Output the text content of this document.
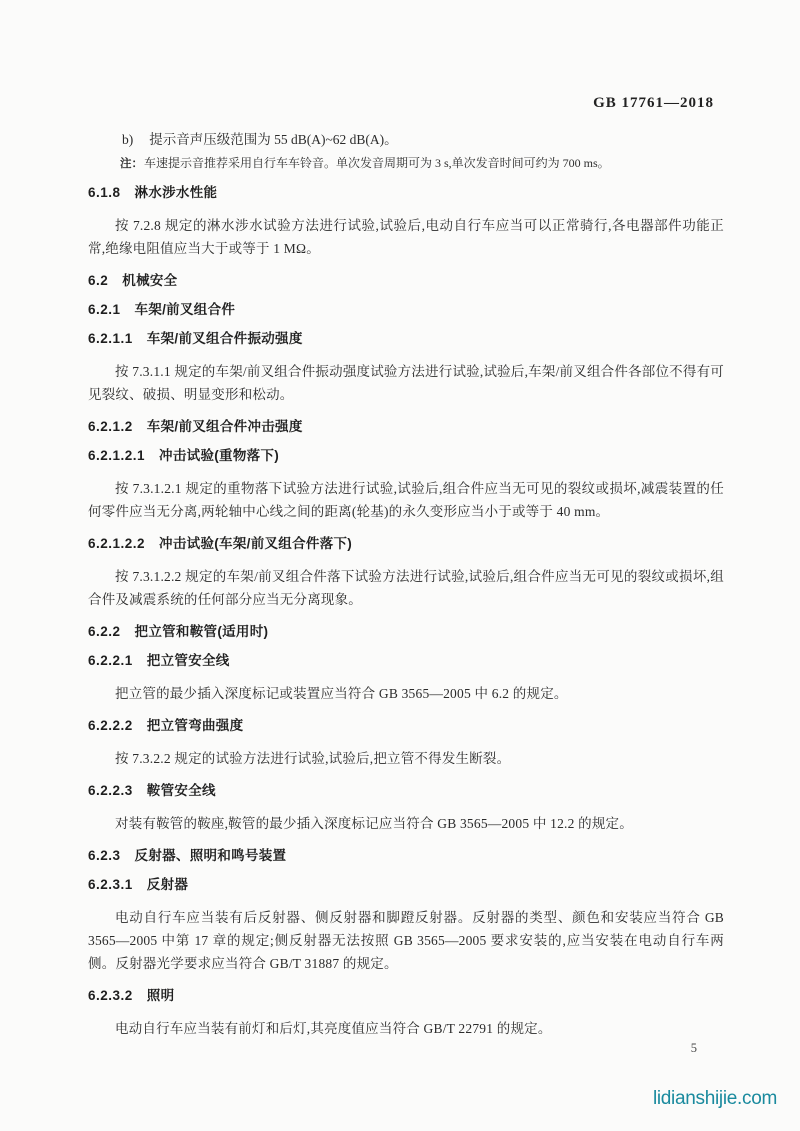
GB 17761—2018
b) 提示音声压级范围为 55 dB(A)~62 dB(A)。
注：车速提示音推荐采用自行车车铃音。单次发音周期可为 3 s,单次发音时间可约为 700 ms。
6.1.8 淋水涉水性能

按 7.2.8 规定的淋水涉水试验方法进行试验,试验后,电动自行车应当可以正常骑行,各电器部件功能正常,绝缘电阻值应当大于或等于 1 MΩ。

6.2 机械安全
6.2.1 车架/前叉组合件
6.2.1.1 车架/前叉组合件振动强度

按 7.3.1.1 规定的车架/前叉组合件振动强度试验方法进行试验,试验后,车架/前叉组合件各部位不得有可见裂纹、破损、明显变形和松动。

6.2.1.2 车架/前叉组合件冲击强度
6.2.1.2.1 冲击试验(重物落下)

按 7.3.1.2.1 规定的重物落下试验方法进行试验,试验后,组合件应当无可见的裂纹或损坏,减震装置的任何零件应当无分离,两轮轴中心线之间的距离(轮基)的永久变形应当小于或等于 40 mm。

6.2.1.2.2 冲击试验(车架/前叉组合件落下)

按 7.3.1.2.2 规定的车架/前叉组合件落下试验方法进行试验,试验后,组合件应当无可见的裂纹或损坏,组合件及减震系统的任何部分应当无分离现象。

6.2.2 把立管和鞍管(适用时)
6.2.2.1 把立管安全线

把立管的最少插入深度标记或装置应当符合 GB 3565—2005 中 6.2 的规定。

6.2.2.2 把立管弯曲强度

按 7.3.2.2 规定的试验方法进行试验,试验后,把立管不得发生断裂。

6.2.2.3 鞍管安全线

对装有鞍管的鞍座,鞍管的最少插入深度标记应当符合 GB 3565—2005 中 12.2 的规定。

6.2.3 反射器、照明和鸣号装置
6.2.3.1 反射器

电动自行车应当装有后反射器、侧反射器和脚蹬反射器。反射器的类型、颜色和安装应当符合 GB 3565—2005 中第 17 章的规定;侧反射器无法按照 GB 3565—2005 要求安装的,应当安装在电动自行车两侧。反射器光学要求应当符合 GB/T 31887 的规定。

6.2.3.2 照明

电动自行车应当装有前灯和后灯,其亮度值应当符合 GB/T 22791 的规定。

5
lidianshijie.com
